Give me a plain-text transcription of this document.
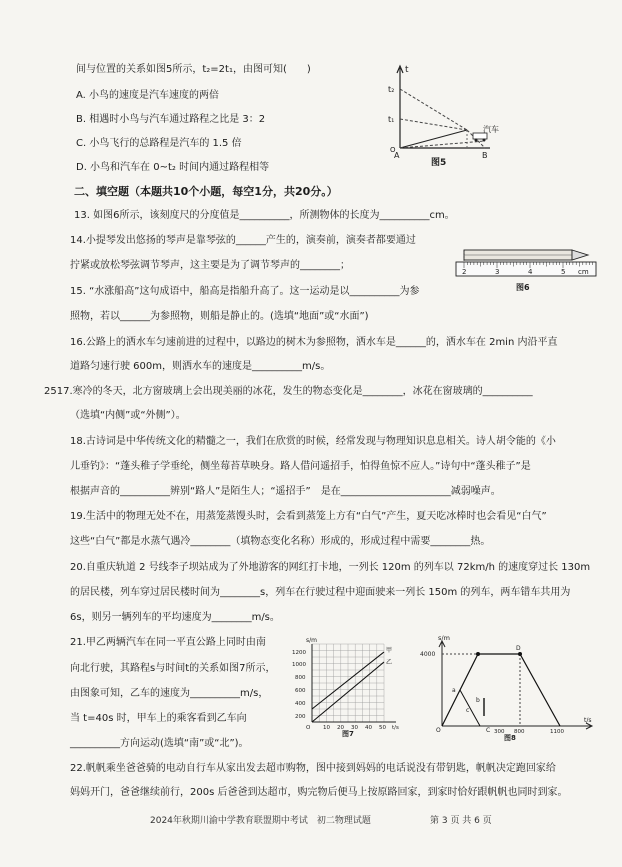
间与位置的关系如图5所示，t₂=2t₁，由图可知(　　)
A. 小鸟的速度是汽车速度的两倍
B. 相遇时小鸟与汽车通过路程之比是 3：2
C. 小鸟飞行的总路程是汽车的 1.5 倍
D. 小鸟和汽车在 0~t₂ 时间内通过路程相等
t
t₂
t₁
汽车
A	B
O
图5
二、填空题（本题共10个小题，每空1分，共20分。）
13. 如图6所示，该刻度尺的分度值是__________，所测物体的长度为__________cm。
14.小提琴发出悠扬的琴声是靠琴弦的______产生的，演奏前，演奏者都要通过
拧紧或放松琴弦调节琴声，这主要是为了调节琴声的________；
2	3	4	5 cm
图6
15. “水涨船高”这句成语中，船高是指船升高了。这一运动是以__________为参
照物，若以______为参照物，则船是静止的。(选填“地面”或“水面”)
16.公路上的洒水车匀速前进的过程中，以路边的树木为参照物，洒水车是______的，洒水车在 2min 内沿平直
道路匀速行驶 600m，则洒水车的速度是__________m/s。
2517.寒冷的冬天，北方窗玻璃上会出现美丽的冰花，发生的物态变化是________，冰花在窗玻璃的__________
（选填“内侧”或“外侧”）。
18.古诗词是中华传统文化的精髓之一，我们在欣赏的时候，经常发现与物理知识息息相关。诗人胡令能的《小
儿垂钓》：“蓬头稚子学垂纶，侧坐莓苔草映身。路人借问遥招手，怕得鱼惊不应人。”诗句中“蓬头稚子”是
根据声音的__________辨别“路人”是陌生人；“遥招手”　是在______________________减弱噪声。
19.生活中的物理无处不在，用蒸笼蒸馒头时，会看到蒸笼上方有“白气”产生，夏天吃冰棒时也会看见“白气”
这些“白气”都是水蒸气遇冷________（填物态变化名称）形成的，形成过程中需要________热。
20.自重庆轨道 2 号线李子坝站成为了外地游客的网红打卡地，一列长 120m 的列车以 72km/h 的速度穿过长 130m
的居民楼，列车穿过居民楼时间为________s，列车在行驶过程中迎面驶来一列长 150m 的列车，两车错车共用为
6s，则另一辆列车的平均速度为________m/s。
21.甲乙两辆汽车在同一平直公路上同时由南
向北行驶，其路程s与时间t的关系如图7所示，
由图象可知，乙车的速度为__________m/s，
当 t=40s 时，甲车上的乘客看到乙车向
__________方向运动(选填“南”或“北”)。
s/m
1200
1000
800
600
400
200
O 10 20 30 40 50 t/s
甲
乙
图7
s/m
4000
a
b
c
C
D
O	300 800	1100
t/s
图8
22.帆帆乘坐爸爸骑的电动自行车从家出发去超市购物，图中接到妈妈的电话说没有带钥匙，帆帆决定跑回家给
妈妈开门，爸爸继续前行，200s 后爸爸到达超市，购完物后便马上按原路回家，到家时恰好跟帆帆也同时到家。
2024年秋期川渝中学教育联盟期中考试　初二物理试题	第 3 页 共 6 页
